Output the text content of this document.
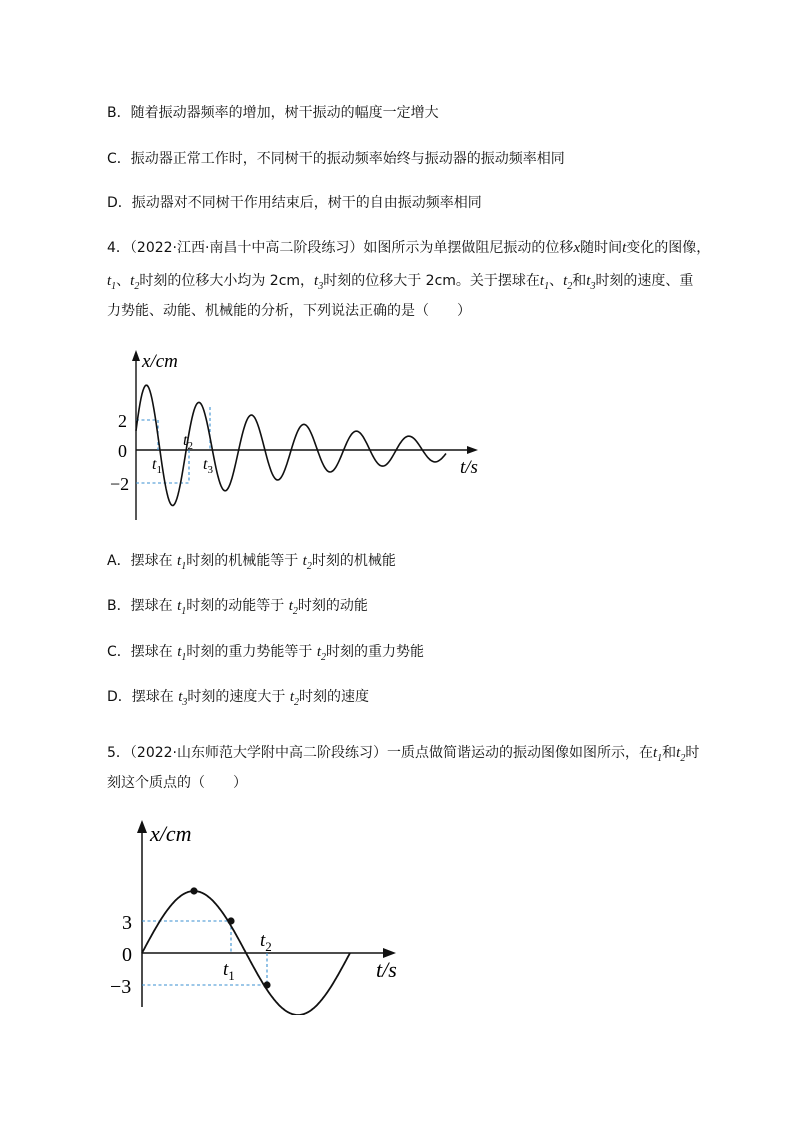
B．随着振动器频率的增加，树干振动的幅度一定增大
C．振动器正常工作时，不同树干的振动频率始终与振动器的振动频率相同
D．振动器对不同树干作用结束后，树干的自由振动频率相同
4．（2022·江西·南昌十中高二阶段练习）如图所示为单摆做阻尼振动的位移x随时间t变化的图像，
$t_1$、$t_2$时刻的位移大小均为 2cm，$t_3$时刻的位移大于 2cm。关于摆球在$t_1$、$t_2$和$t_3$时刻的速度、重
力势能、动能、机械能的分析，下列说法正确的是（　　）
x/cm
t/s
2
0
−2
$t_1$
$t_2$
$t_3$
A．摆球在 $t_1$时刻的机械能等于 $t_2$时刻的机械能
B．摆球在 $t_1$时刻的动能等于 $t_2$时刻的动能
C．摆球在 $t_1$时刻的重力势能等于 $t_2$时刻的重力势能
D．摆球在 $t_3$时刻的速度大于 $t_2$时刻的速度
5．（2022·山东师范大学附中高二阶段练习）一质点做简谐运动的振动图像如图所示，在$t_1$和$t_2$时
刻这个质点的（　　）
x/cm
t/s
3
0
−3
$t_1$
$t_2$
